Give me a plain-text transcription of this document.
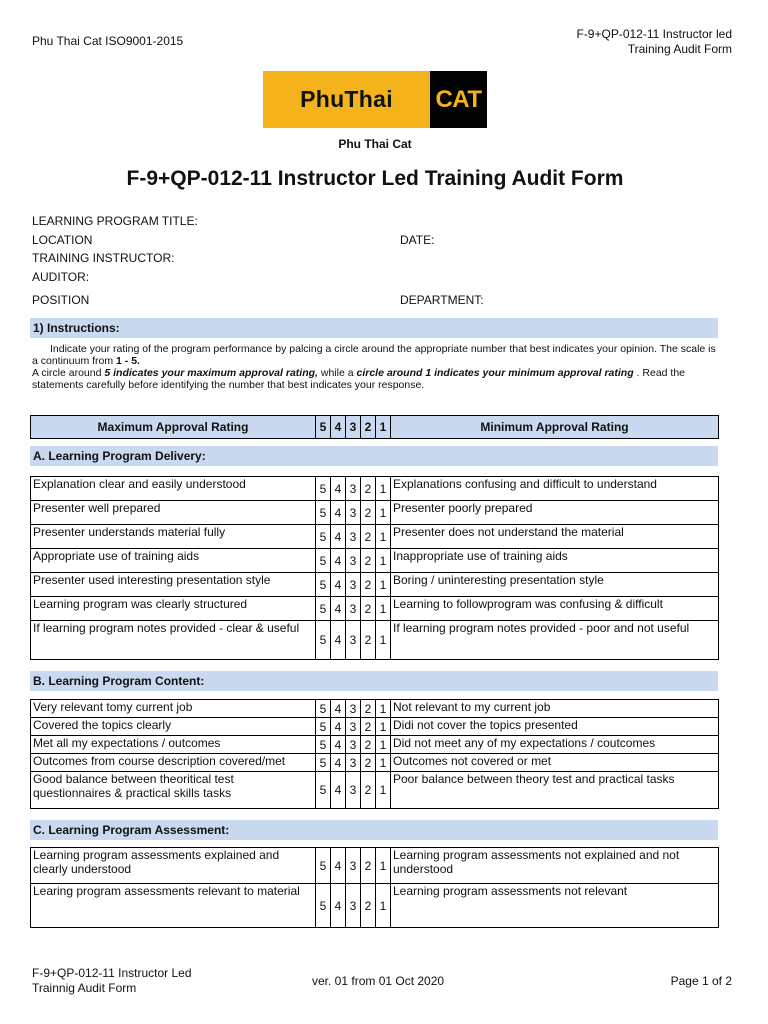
Phu Thai Cat ISO9001-2015	F-9+QP-012-11 Instructor led
Training Audit Form
PhuThai	CAT
Phu Thai Cat
F-9+QP-012-11 Instructor Led Training Audit Form
LEARNING PROGRAM TITLE:
LOCATION	DATE:
TRAINING INSTRUCTOR:
AUDITOR:
POSITION	DEPARTMENT:
1) Instructions:

Indicate your rating of the program performance by palcing a circle around the appropriate number that best indicates your opinion. The scale is a continuum from 1 - 5.

A circle around 5 indicates your maximum approval rating, while a circle around 1 indicates your minimum approval rating . Read the statements carefully before identifying the number that best indicates your response.

Maximum Approval Rating	5	4	3	2	1	Minimum Approval Rating
A. Learning Program Delivery:
Explanation clear and easily understood	5	4	3	2	1	Explanations confusing and difficult to understand
Presenter well prepared	5	4	3	2	1	Presenter poorly prepared
Presenter understands material fully	5	4	3	2	1	Presenter does not understand the material
Appropriate use of training aids	5	4	3	2	1	Inappropriate use of training aids
Presenter used interesting presentation style	5	4	3	2	1	Boring / uninteresting presentation style
Learning program was clearly structured	5	4	3	2	1	Learning to followprogram was confusing & difficult
If learning program notes provided - clear & useful	5	4	3	2	1	If learning program notes provided - poor and not useful
B. Learning Program Content:
Very relevant tomy current job	5	4	3	2	1	Not relevant to my current job
Covered the topics clearly	5	4	3	2	1	Didi not cover the topics presented
Met all my expectations / outcomes	5	4	3	2	1	Did not meet any of my expectations / coutcomes
Outcomes from course description covered/met	5	4	3	2	1	Outcomes not covered or met
Good balance between theoritical test questionnaires & practical skills tasks	5	4	3	2	1	Poor balance between theory test and practical tasks
C. Learning Program Assessment:
Learning program assessments explained and clearly understood	5	4	3	2	1	Learning program assessments not explained and not understood
Learing program assessments relevant to material	5	4	3	2	1	Learning program assessments not relevant
F-9+QP-012-11 Instructor Led
Trainnig Audit Form	ver. 01 from 01 Oct 2020	Page 1 of 2
